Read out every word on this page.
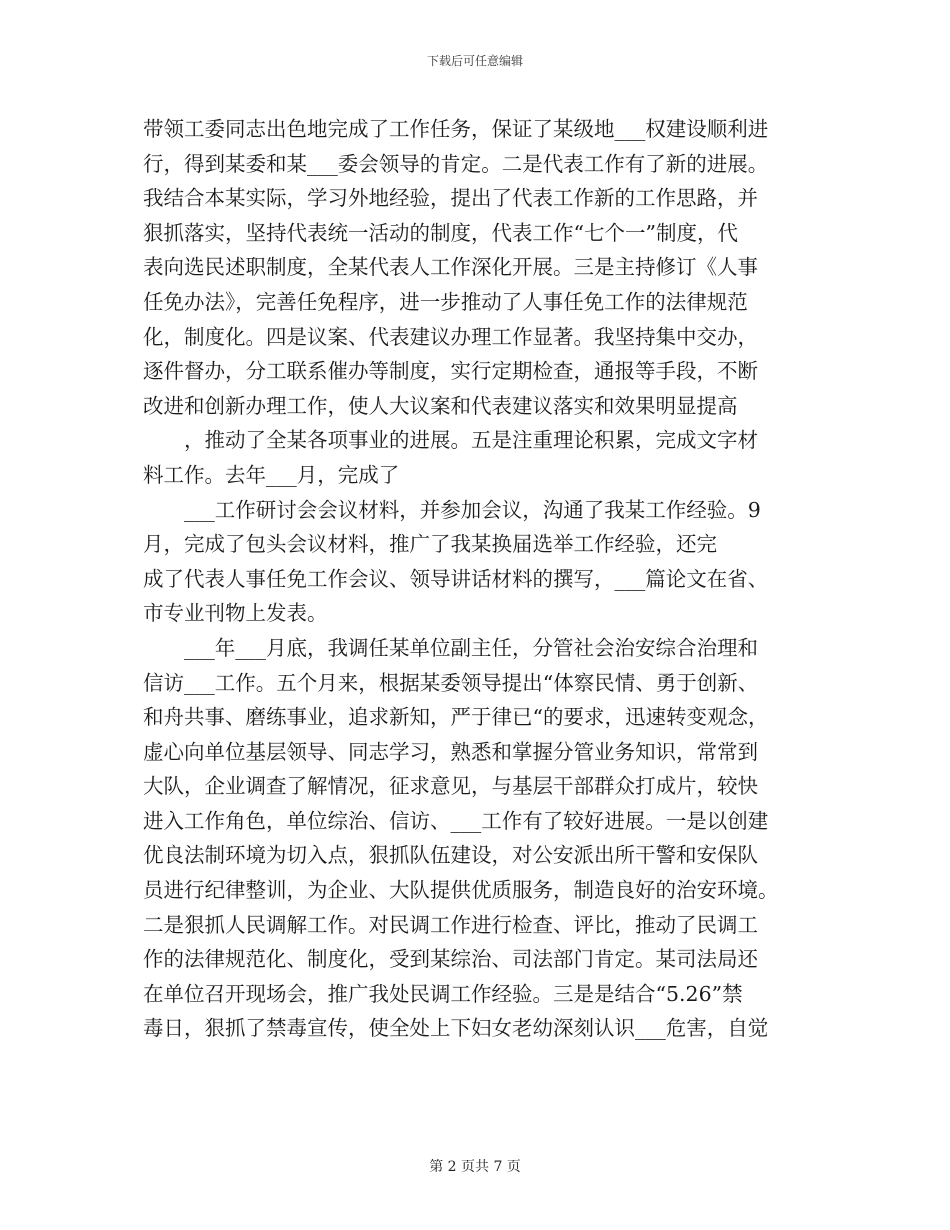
下载后可任意编辑

带领工委同志出色地完成了工作任务，保证了某级地___权建设顺利进

行，得到某委和某___委会领导的肯定。二是代表工作有了新的进展。

我结合本某实际，学习外地经验，提出了代表工作新的工作思路，并

狠抓落实，坚持代表统一活动的制度，代表工作“七个一”制度，代

表向选民述职制度，全某代表人工作深化开展。三是主持修订《人事

任免办法》，完善任免程序，进一步推动了人事任免工作的法律规范

化，制度化。四是议案、代表建议办理工作显著。我坚持集中交办，

逐件督办，分工联系催办等制度，实行定期检查，通报等手段，不断

改进和创新办理工作，使人大议案和代表建议落实和效果明显提高

，推动了全某各项事业的进展。五是注重理论积累，完成文字材

料工作。去年___月，完成了

___工作研讨会会议材料，并参加会议，沟通了我某工作经验。9

月，完成了包头会议材料，推广了我某换届选举工作经验，还完

成了代表人事任免工作会议、领导讲话材料的撰写，___篇论文在省、

市专业刊物上发表。

___年___月底，我调任某单位副主任，分管社会治安综合治理和

信访___工作。五个月来，根据某委领导提出“体察民情、勇于创新、

和舟共事、磨练事业，追求新知，严于律已“的要求，迅速转变观念，

虚心向单位基层领导、同志学习，熟悉和掌握分管业务知识，常常到

大队，企业调查了解情况，征求意见，与基层干部群众打成片，较快

进入工作角色，单位综治、信访、___工作有了较好进展。一是以创建

优良法制环境为切入点，狠抓队伍建设，对公安派出所干警和安保队

员进行纪律整训，为企业、大队提供优质服务，制造良好的治安环境。

二是狠抓人民调解工作。对民调工作进行检查、评比，推动了民调工

作的法律规范化、制度化，受到某综治、司法部门肯定。某司法局还

在单位召开现场会，推广我处民调工作经验。三是是结合“5.26”禁

毒日，狠抓了禁毒宣传，使全处上下妇女老幼深刻认识___危害，自觉

第 2 页共 7 页
